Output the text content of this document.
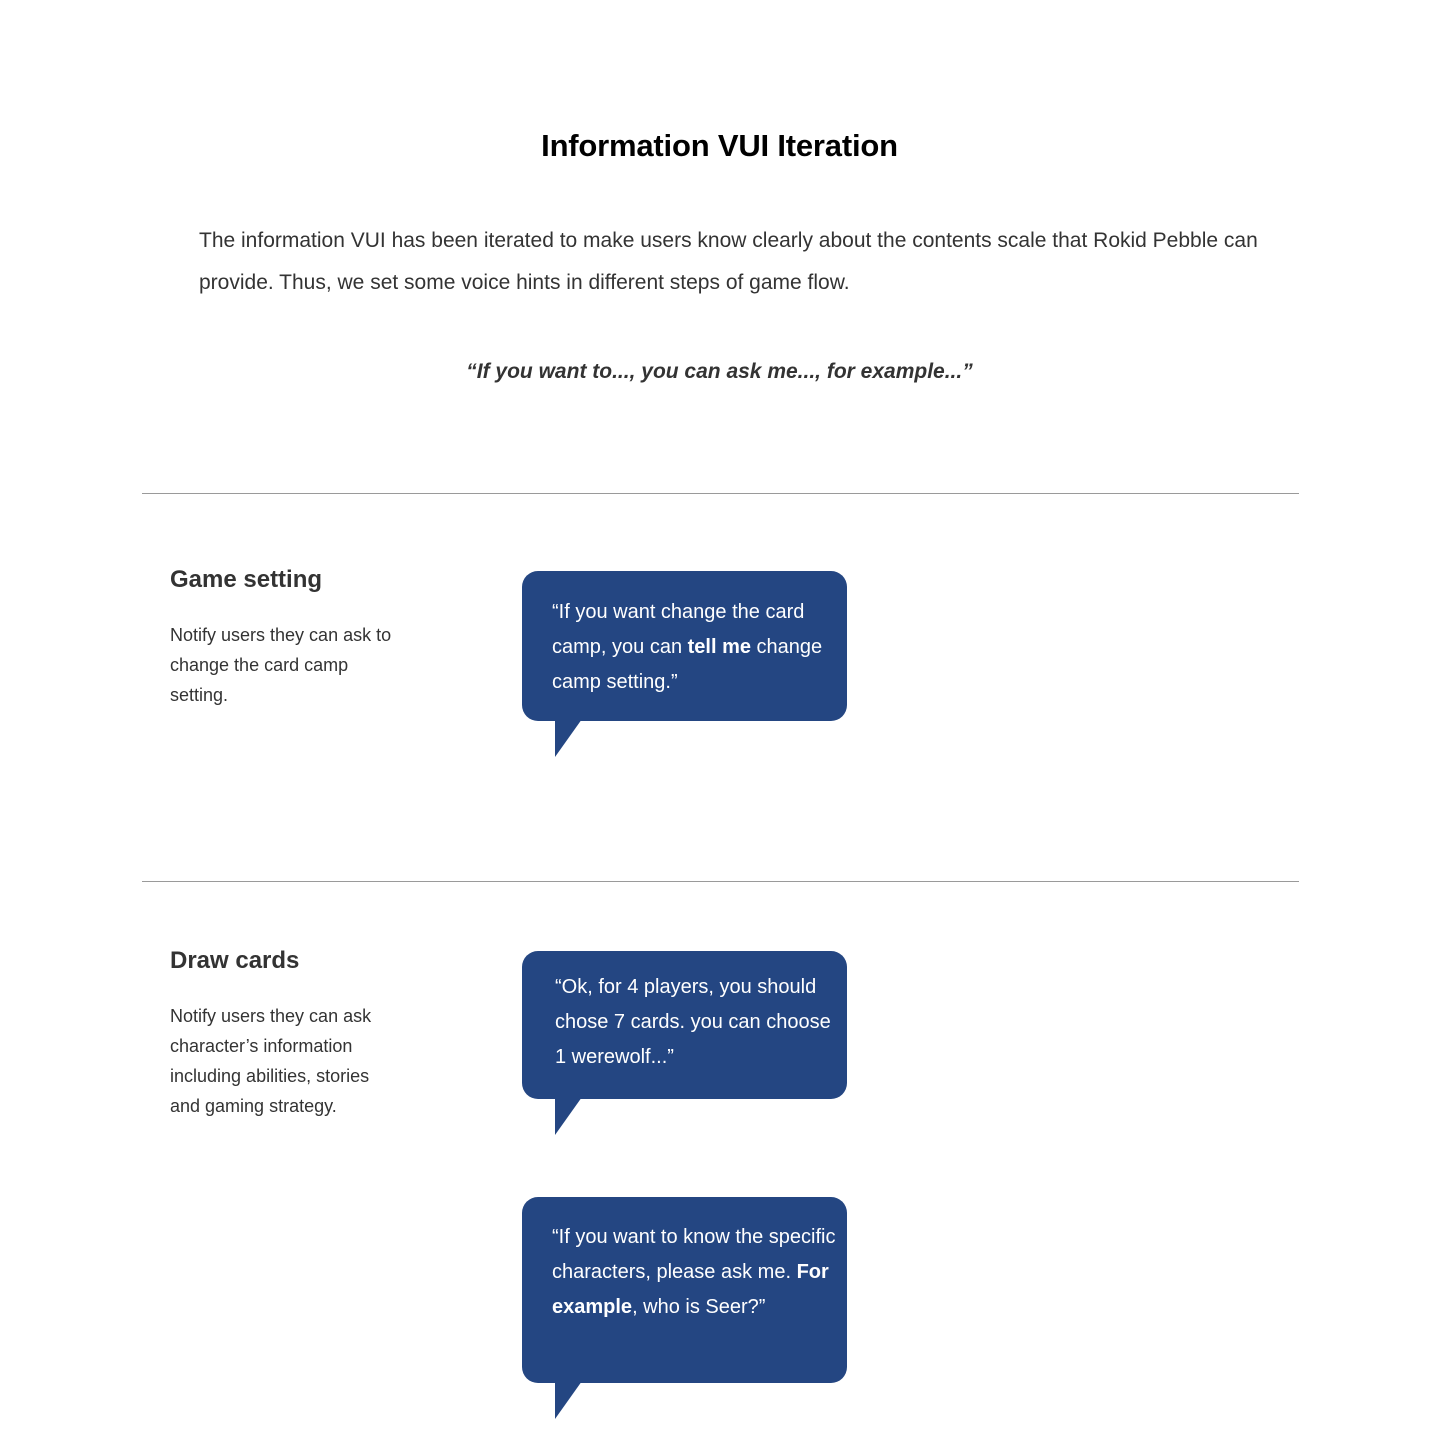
Information VUI Iteration

The information VUI has been iterated to make users know clearly about the contents scale that Rokid Pebble can provide. Thus, we set some voice hints in different steps of game flow.

“If you want to..., you can ask me..., for example...”

Game setting

Notify users they can ask to change the card camp setting.

“If you want change the card camp, you can tell me change camp setting.”
Draw cards

Notify users they can ask character’s information including abilities, stories and gaming strategy.

“Ok, for 4 players, you should chose 7 cards. you can choose 1 werewolf...”
“If you want to know the specific characters, please ask me. For example, who is Seer?”
